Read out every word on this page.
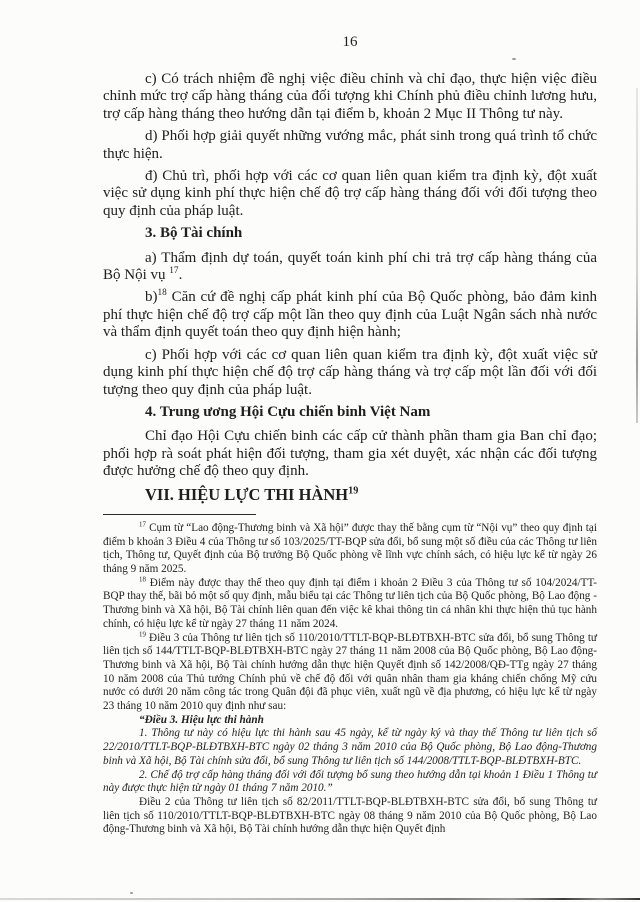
16

c) Có trách nhiệm đề nghị việc điều chỉnh và chỉ đạo, thực hiện việc điều chỉnh mức trợ cấp hàng tháng của đối tượng khi Chính phủ điều chỉnh lương hưu, trợ cấp hàng tháng theo hướng dẫn tại điểm b, khoản 2 Mục II Thông tư này.

d) Phối hợp giải quyết những vướng mắc, phát sinh trong quá trình tổ chức thực hiện.

đ) Chủ trì, phối hợp với các cơ quan liên quan kiểm tra định kỳ, đột xuất việc sử dụng kinh phí thực hiện chế độ trợ cấp hàng tháng đối với đối tượng theo quy định của pháp luật.

3. Bộ Tài chính

a) Thẩm định dự toán, quyết toán kinh phí chi trả trợ cấp hàng tháng của Bộ Nội vụ $^{17}$.

b)$^{18}$ Căn cứ đề nghị cấp phát kinh phí của Bộ Quốc phòng, bảo đảm kinh phí thực hiện chế độ trợ cấp một lần theo quy định của Luật Ngân sách nhà nước và thẩm định quyết toán theo quy định hiện hành;

c) Phối hợp với các cơ quan liên quan kiểm tra định kỳ, đột xuất việc sử dụng kinh phí thực hiện chế độ trợ cấp hàng tháng và trợ cấp một lần đối với đối tượng theo quy định của pháp luật.

4. Trung ương Hội Cựu chiến binh Việt Nam

Chỉ đạo Hội Cựu chiến binh các cấp cử thành phần tham gia Ban chỉ đạo; phối hợp rà soát phát hiện đối tượng, tham gia xét duyệt, xác nhận các đối tượng được hưởng chế độ theo quy định.

VII. HIỆU LỰC THI HÀNH$^{19}$

$^{17}$ Cụm từ “Lao động-Thương binh và Xã hội” được thay thế bằng cụm từ “Nội vụ” theo quy định tại điểm b khoản 3 Điều 4 của Thông tư số 103/2025/TT-BQP sửa đổi, bổ sung một số điều của các Thông tư liên tịch, Thông tư, Quyết định của Bộ trưởng Bộ Quốc phòng về lĩnh vực chính sách, có hiệu lực kể từ ngày 26 tháng 9 năm 2025.

$^{18}$ Điểm này được thay thế theo quy định tại điểm i khoản 2 Điều 3 của Thông tư số 104/2024/TT-BQP thay thế, bãi bỏ một số quy định, mẫu biểu tại các Thông tư liên tịch của Bộ Quốc phòng, Bộ Lao động - Thương binh và Xã hội, Bộ Tài chính liên quan đến việc kê khai thông tin cá nhân khi thực hiện thủ tục hành chính, có hiệu lực kể từ ngày 27 tháng 11 năm 2024.

$^{19}$ Điều 3 của Thông tư liên tịch số 110/2010/TTLT-BQP-BLĐTBXH-BTC sửa đổi, bổ sung Thông tư liên tịch số 144/TTLT-BQP-BLĐTBXH-BTC ngày 27 tháng 11 năm 2008 của Bộ Quốc phòng, Bộ Lao động-Thương binh và Xã hội, Bộ Tài chính hướng dẫn thực hiện Quyết định số 142/2008/QĐ-TTg ngày 27 tháng 10 năm 2008 của Thủ tướng Chính phủ về chế độ đối với quân nhân tham gia kháng chiến chống Mỹ cứu nước có dưới 20 năm công tác trong Quân đội đã phục viên, xuất ngũ về địa phương, có hiệu lực kể từ ngày 23 tháng 10 năm 2010 quy định như sau:

“Điều 3. Hiệu lực thi hành

1. Thông tư này có hiệu lực thi hành sau 45 ngày, kể từ ngày ký và thay thế Thông tư liên tịch số 22/2010/TTLT-BQP-BLĐTBXH-BTC ngày 02 tháng 3 năm 2010 của Bộ Quốc phòng, Bộ Lao động-Thương binh và Xã hội, Bộ Tài chính sửa đổi, bổ sung Thông tư liên tịch số 144/2008/TTLT-BQP-BLĐTBXH-BTC.

2. Chế độ trợ cấp hàng tháng đối với đối tượng bổ sung theo hướng dẫn tại khoản 1 Điều 1 Thông tư này được thực hiện từ ngày 01 tháng 7 năm 2010.”

Điều 2 của Thông tư liên tịch số 82/2011/TTLT-BQP-BLĐTBXH-BTC sửa đổi, bổ sung Thông tư liên tịch số 110/2010/TTLT-BQP-BLĐTBXH-BTC ngày 08 tháng 9 năm 2010 của Bộ Quốc phòng, Bộ Lao động-Thương binh và Xã hội, Bộ Tài chính hướng dẫn thực hiện Quyết định
